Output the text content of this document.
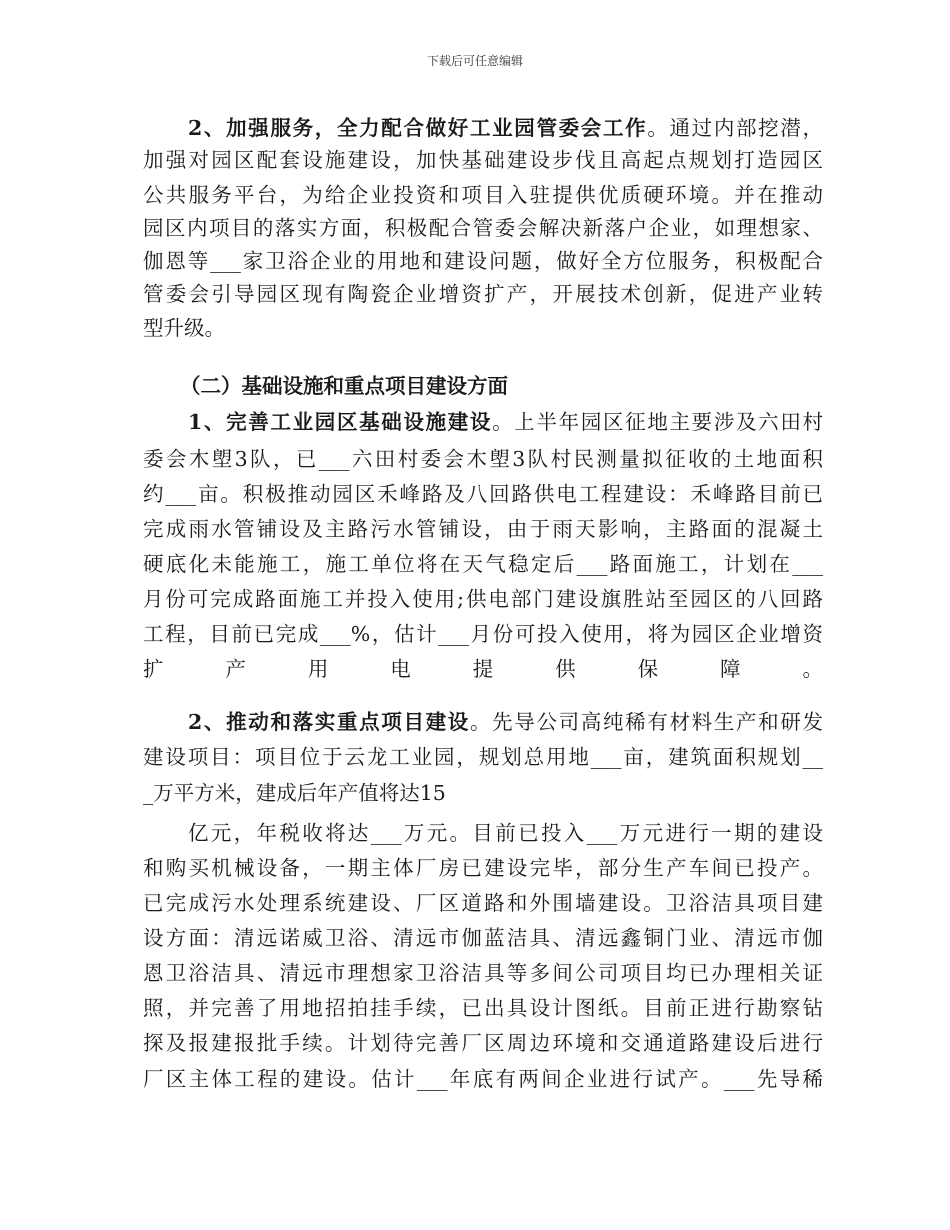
下载后可任意编辑
2、加强服务，全力配合做好工业园管委会工作。通过内部挖潜，
加强对园区配套设施建设，加快基础建设步伐且高起点规划打造园区
公共服务平台，为给企业投资和项目入驻提供优质硬环境。并在推动
园区内项目的落实方面，积极配合管委会解决新落户企业，如理想家、
伽恩等___家卫浴企业的用地和建设问题，做好全方位服务，积极配合
管委会引导园区现有陶瓷企业增资扩产，开展技术创新，促进产业转
型升级。
（二）基础设施和重点项目建设方面
1、完善工业园区基础设施建设。上半年园区征地主要涉及六田村
委会木塱3队，已___六田村委会木塱3队村民测量拟征收的土地面积
约___亩。积极推动园区禾峰路及八回路供电工程建设：禾峰路目前已
完成雨水管铺设及主路污水管铺设，由于雨天影响，主路面的混凝土
硬底化未能施工，施工单位将在天气稳定后___路面施工，计划在___
月份可完成路面施工并投入使用;供电部门建设旗胜站至园区的八回路
工程，目前已完成___%，估计___月份可投入使用，将为园区企业增资
扩产用电提供保障。
2、推动和落实重点项目建设。先导公司高纯稀有材料生产和研发
建设项目：项目位于云龙工业园，规划总用地___亩，建筑面积规划__
_万平方米，建成后年产值将达15
亿元，年税收将达___万元。目前已投入___万元进行一期的建设
和购买机械设备，一期主体厂房已建设完毕，部分生产车间已投产。
已完成污水处理系统建设、厂区道路和外围墙建设。卫浴洁具项目建
设方面：清远诺威卫浴、清远市伽蓝洁具、清远鑫铜门业、清远市伽
恩卫浴洁具、清远市理想家卫浴洁具等多间公司项目均已办理相关证
照，并完善了用地招拍挂手续，已出具设计图纸。目前正进行勘察钻
探及报建报批手续。计划待完善厂区周边环境和交通道路建设后进行
厂区主体工程的建设。估计___年底有两间企业进行试产。___先导稀
